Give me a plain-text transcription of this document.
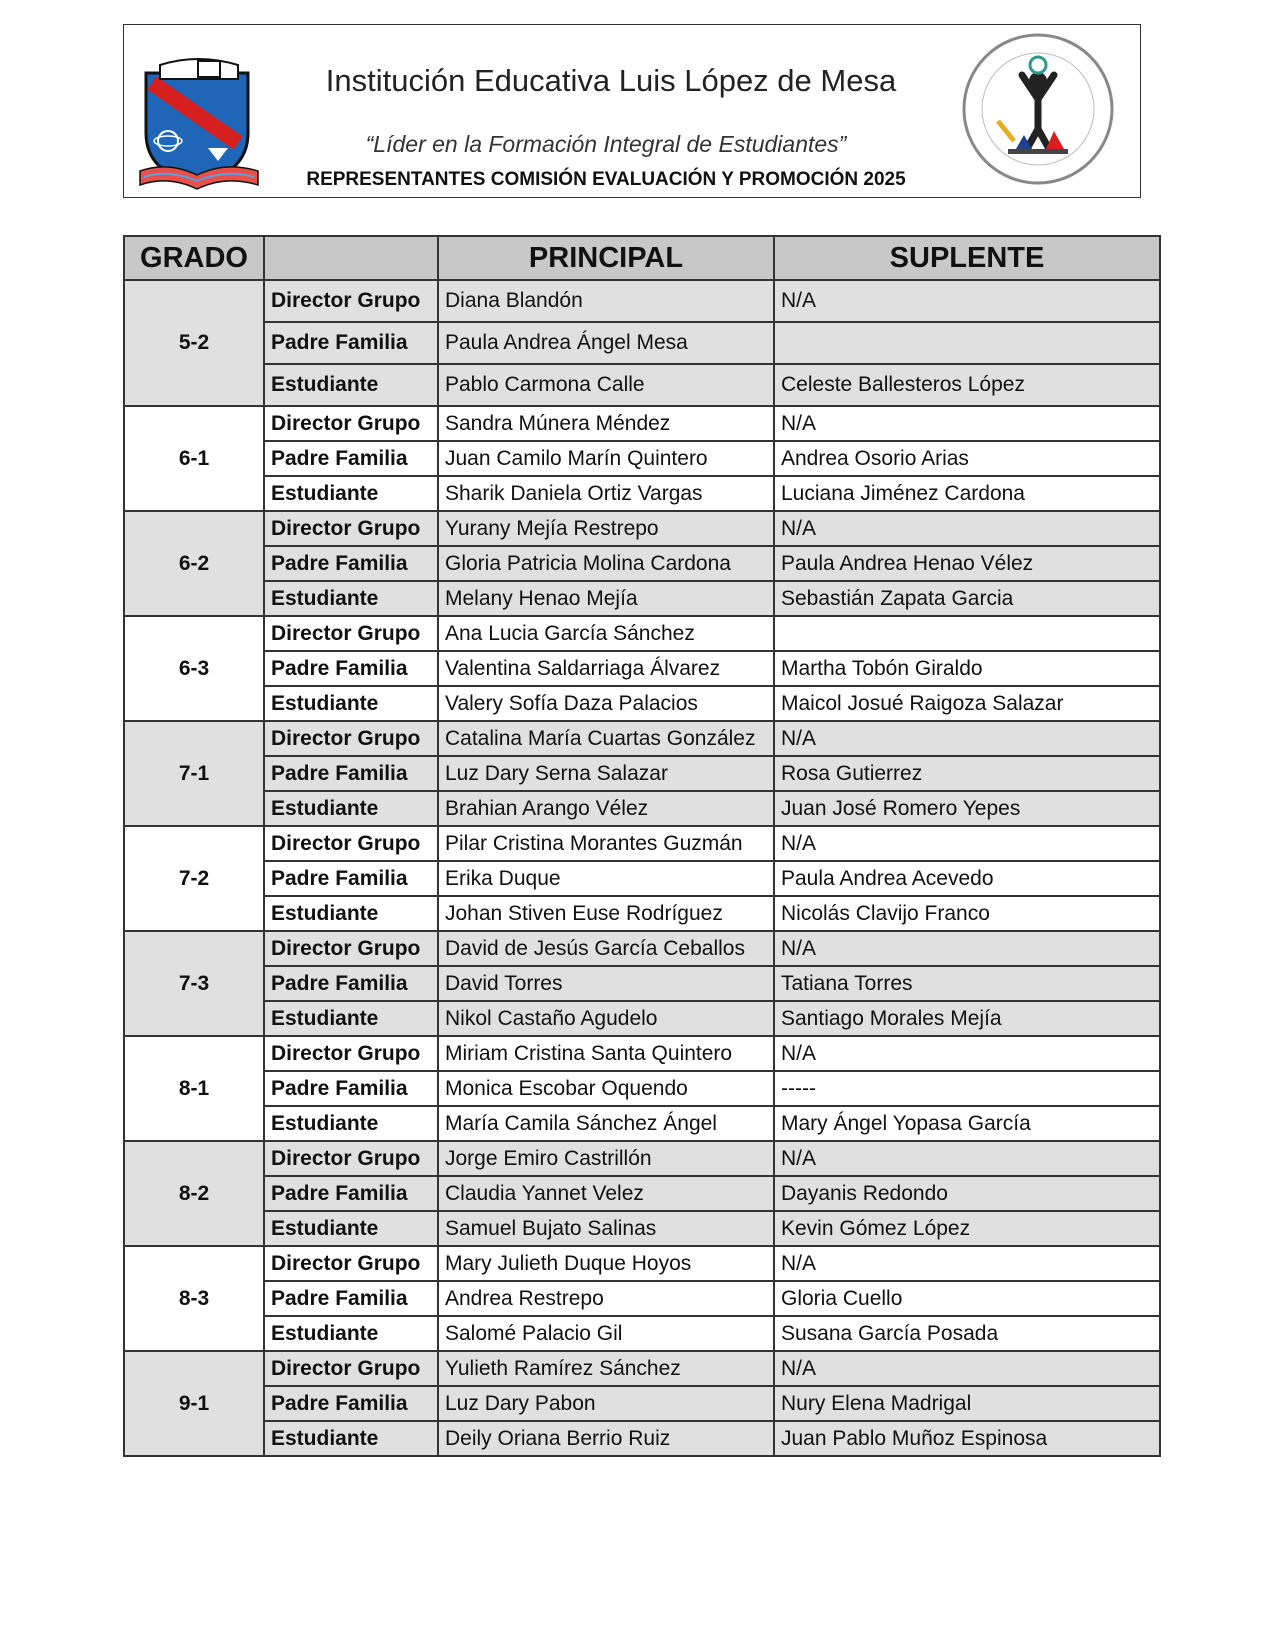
Institución Educativa Luis López de Mesa
“Líder en la Formación Integral de Estudiantes”
REPRESENTANTES COMISIÓN EVALUACIÓN Y PROMOCIÓN 2025
GRADO		PRINCIPAL	SUPLENTE
5-2	Director Grupo	Diana Blandón	N/A
	Padre Familia	Paula Andrea Ángel Mesa	
	Estudiante	Pablo Carmona Calle	Celeste Ballesteros López
6-1	Director Grupo	Sandra Múnera Méndez	N/A
	Padre Familia	Juan Camilo Marín Quintero	Andrea Osorio Arias
	Estudiante	Sharik Daniela Ortiz Vargas	Luciana Jiménez Cardona
6-2	Director Grupo	Yurany Mejía Restrepo	N/A
	Padre Familia	Gloria Patricia Molina Cardona	Paula Andrea Henao Vélez
	Estudiante	Melany Henao Mejía	Sebastián Zapata Garcia
6-3	Director Grupo	Ana Lucia García Sánchez	
	Padre Familia	Valentina Saldarriaga Álvarez	Martha Tobón Giraldo
	Estudiante	Valery Sofía Daza Palacios	Maicol Josué Raigoza Salazar
7-1	Director Grupo	Catalina María Cuartas González	N/A
	Padre Familia	Luz Dary Serna Salazar	Rosa Gutierrez
	Estudiante	Brahian Arango Vélez	Juan José Romero Yepes
7-2	Director Grupo	Pilar Cristina Morantes Guzmán	N/A
	Padre Familia	Erika Duque	Paula Andrea Acevedo
	Estudiante	Johan Stiven Euse Rodríguez	Nicolás Clavijo Franco
7-3	Director Grupo	David de Jesús García Ceballos	N/A
	Padre Familia	David Torres	Tatiana Torres
	Estudiante	Nikol Castaño Agudelo	Santiago Morales Mejía
8-1	Director Grupo	Miriam Cristina Santa Quintero	N/A
	Padre Familia	Monica Escobar Oquendo	-----
	Estudiante	María Camila Sánchez Ángel	Mary Ángel Yopasa García
8-2	Director Grupo	Jorge Emiro Castrillón	N/A
	Padre Familia	Claudia Yannet Velez	Dayanis Redondo
	Estudiante	Samuel Bujato Salinas	Kevin Gómez López
8-3	Director Grupo	Mary Julieth Duque Hoyos	N/A
	Padre Familia	Andrea Restrepo	Gloria Cuello
	Estudiante	Salomé Palacio Gil	Susana García Posada
9-1	Director Grupo	Yulieth Ramírez Sánchez	N/A
	Padre Familia	Luz Dary Pabon	Nury Elena Madrigal
	Estudiante	Deily Oriana Berrio Ruiz	Juan Pablo Muñoz Espinosa
